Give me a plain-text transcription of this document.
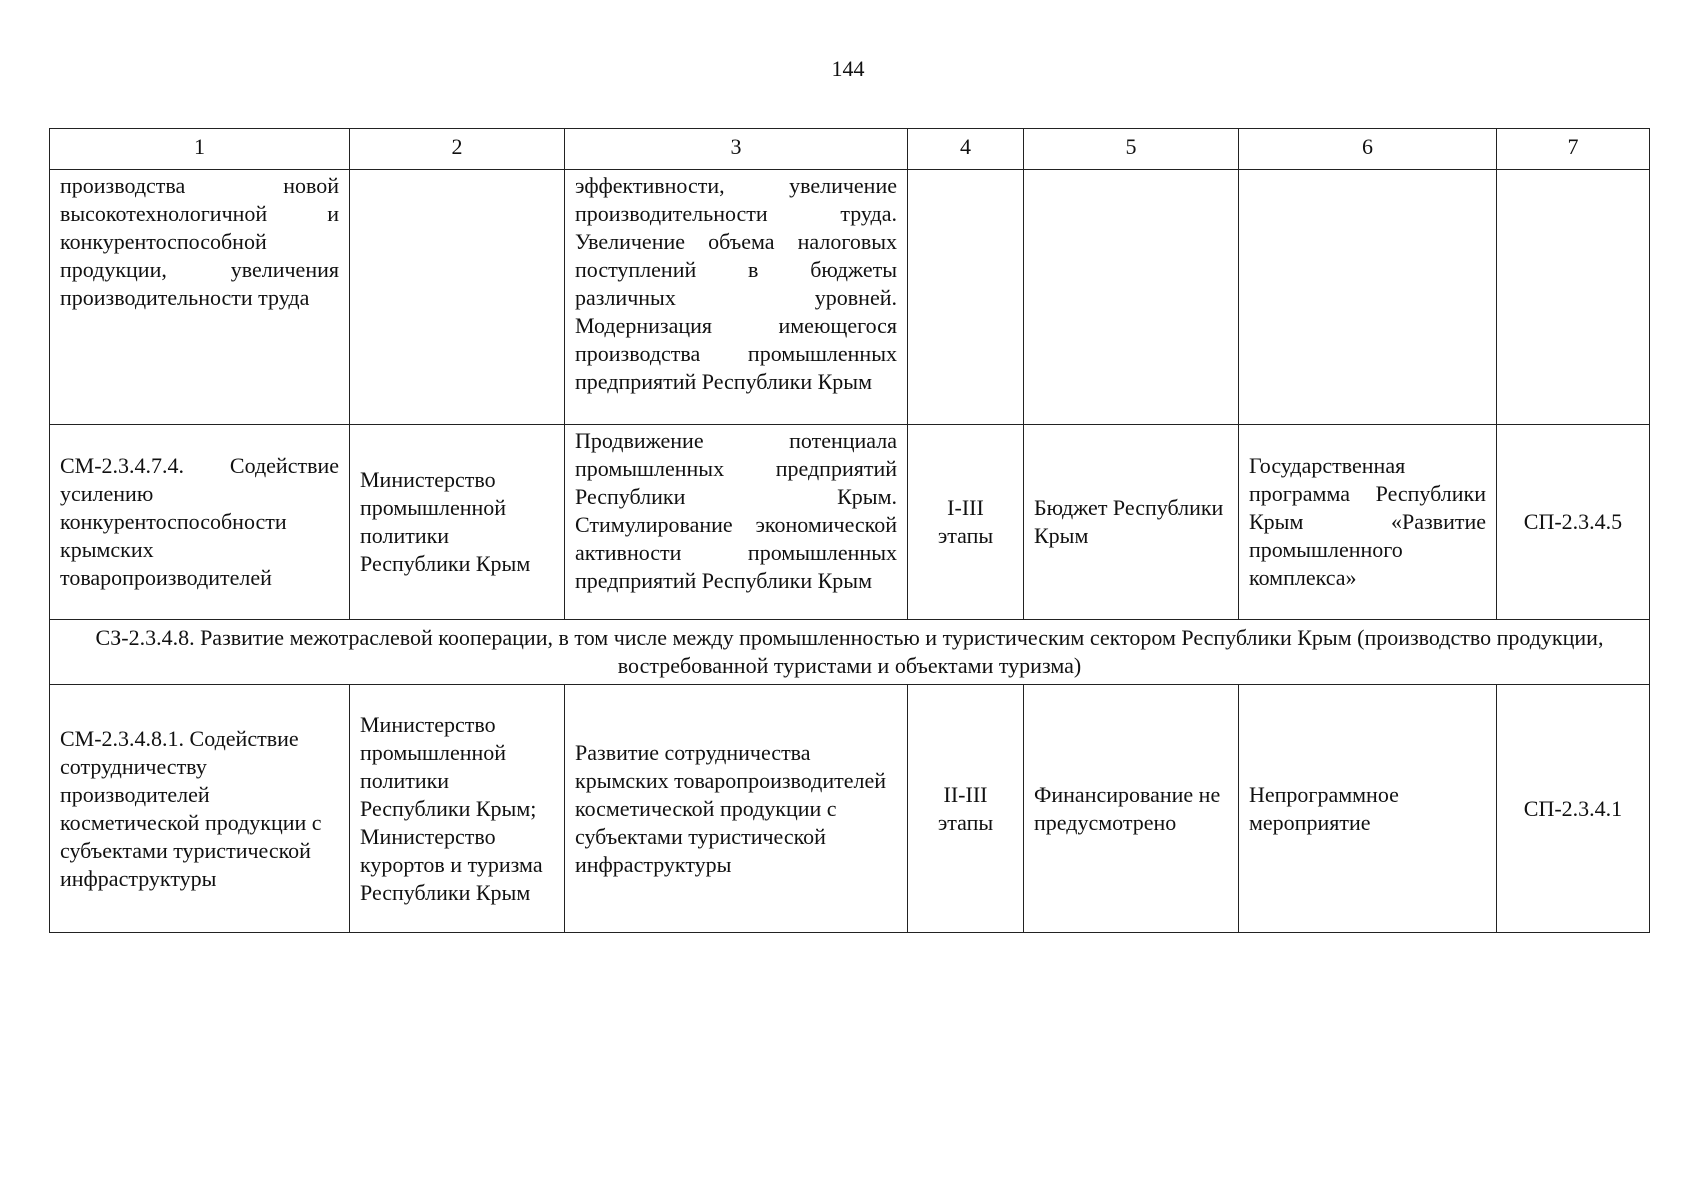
144
1	2	3	4	5	6	7
производства новой высокотехнологичной и конкурентоспособной продукции, увеличения производительности труда		эффективности, увеличение производительности труда. Увеличение объема налоговых поступлений в бюджеты различных уровней. Модернизация имеющегося производства промышленных предприятий Республики Крым				
СМ-2.3.4.7.4. Содействие усилению конкурентоспособности крымских товаропроизводителей	Министерство промышленной политики Республики Крым	Продвижение потенциала промышленных предприятий Республики Крым. Стимулирование экономической активности промышленных предприятий Республики Крым	I-III этапы	Бюджет Республики Крым	Государственная программа Республики Крым «Развитие промышленного комплекса»	СП-2.3.4.5
СЗ-2.3.4.8. Развитие межотраслевой кооперации, в том числе между промышленностью и туристическим сектором Республики Крым (производство продукции, востребованной туристами и объектами туризма)						
СМ-2.3.4.8.1. Содействие сотрудничеству производителей косметической продукции с субъектами туристической инфраструктуры	Министерство промышленной политики Республики Крым; Министерство курортов и туризма Республики Крым	Развитие сотрудничества крымских товаропроизводителей косметической продукции с субъектами туристической инфраструктуры	II-III этапы	Финансирование не предусмотрено	Непрограммное мероприятие	СП-2.3.4.1
